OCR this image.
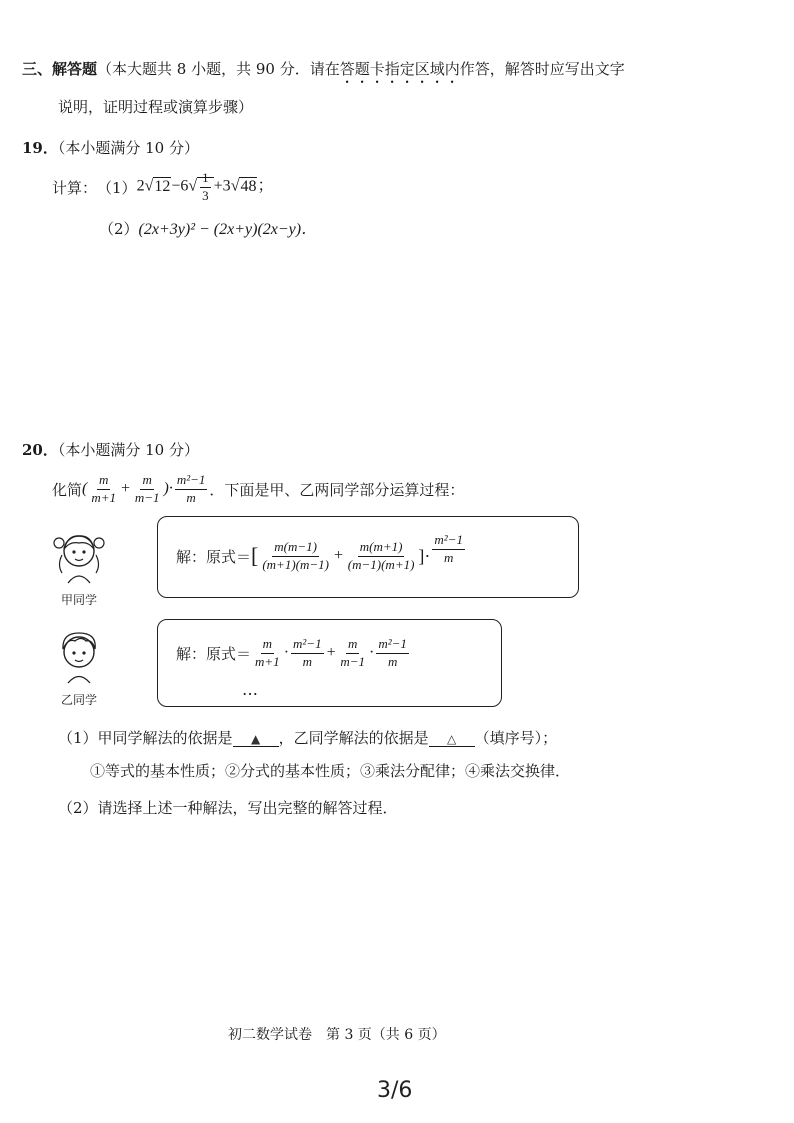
三、解答题（本大题共 8 小题，共 90 分．请在答题卡指定区域内作答，解答时应写出文字
说明，证明过程或演算步骤）
19．（本小题满分 10 分）
计算： （1） $2√12-6√ \frac{1}{3} +3√48$；
（2）(2x+3y)² − (2x+y)(2x−y)．
20．（本小题满分 10 分）
化简 ( $\frac{m}{m+1} + \frac{m}{m-1}$ )· $\frac{\text{m²−1}}{m}$ ．下面是甲、乙两同学部分运算过程：
甲同学
解：原式＝ [ $\frac{m(m-1)}{(m+1)(m-1)} + \frac{m(m+1)}{(m-1)(m+1)}$ ]· $\frac{\text{m²−1}}{m}$
乙同学
解：原式＝ $\frac{m}{m+1} \cdot \frac{\text{m²−1}}{m} + \frac{m}{m-1} \cdot \frac{\text{m²−1}}{m}$
…
（1）甲同学解法的依据是 ▲ ，乙同学解法的依据是 △ （填序号）；
①等式的基本性质；②分式的基本性质；③乘法分配律；④乘法交换律．
（2）请选择上述一种解法，写出完整的解答过程．
初二数学试卷　第 3 页（共 6 页）
3/6
